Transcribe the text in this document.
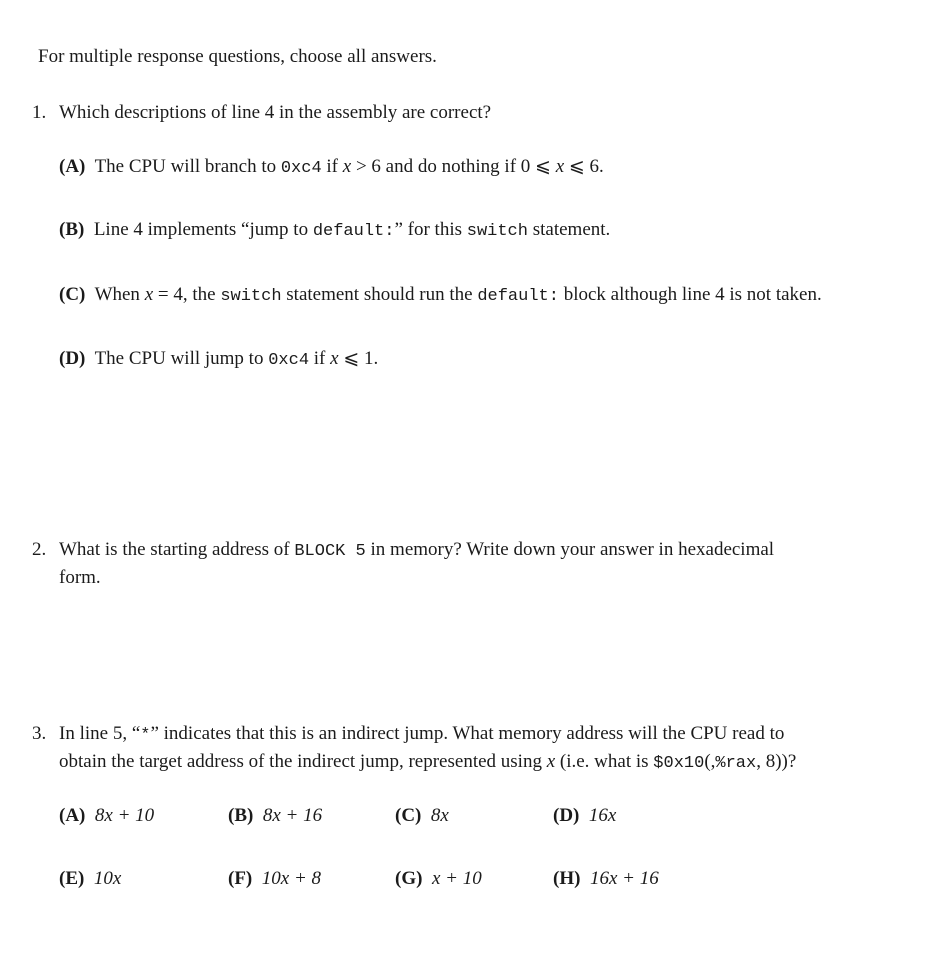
For multiple response questions, choose all answers.
1. Which descriptions of line 4 in the assembly are correct?
(A) The CPU will branch to 0xc4 if x > 6 and do nothing if 0 ⩽ x ⩽ 6.
(B) Line 4 implements “jump to default:” for this switch statement.
(C) When x = 4, the switch statement should run the default: block although line 4 is not taken.
(D) The CPU will jump to 0xc4 if x ⩽ 1.
2. What is the starting address of BLOCK 5 in memory? Write down your answer in hexadecimal
form.
3. In line 5, “*” indicates that this is an indirect jump. What memory address will the CPU read to
obtain the target address of the indirect jump, represented using x (i.e. what is $0x10(,%rax, 8))?
(A) 8x + 10	(B) 8x + 16	(C) 8x	(D) 16x
(E) 10x	(F) 10x + 8	(G) x + 10	(H) 16x + 16
